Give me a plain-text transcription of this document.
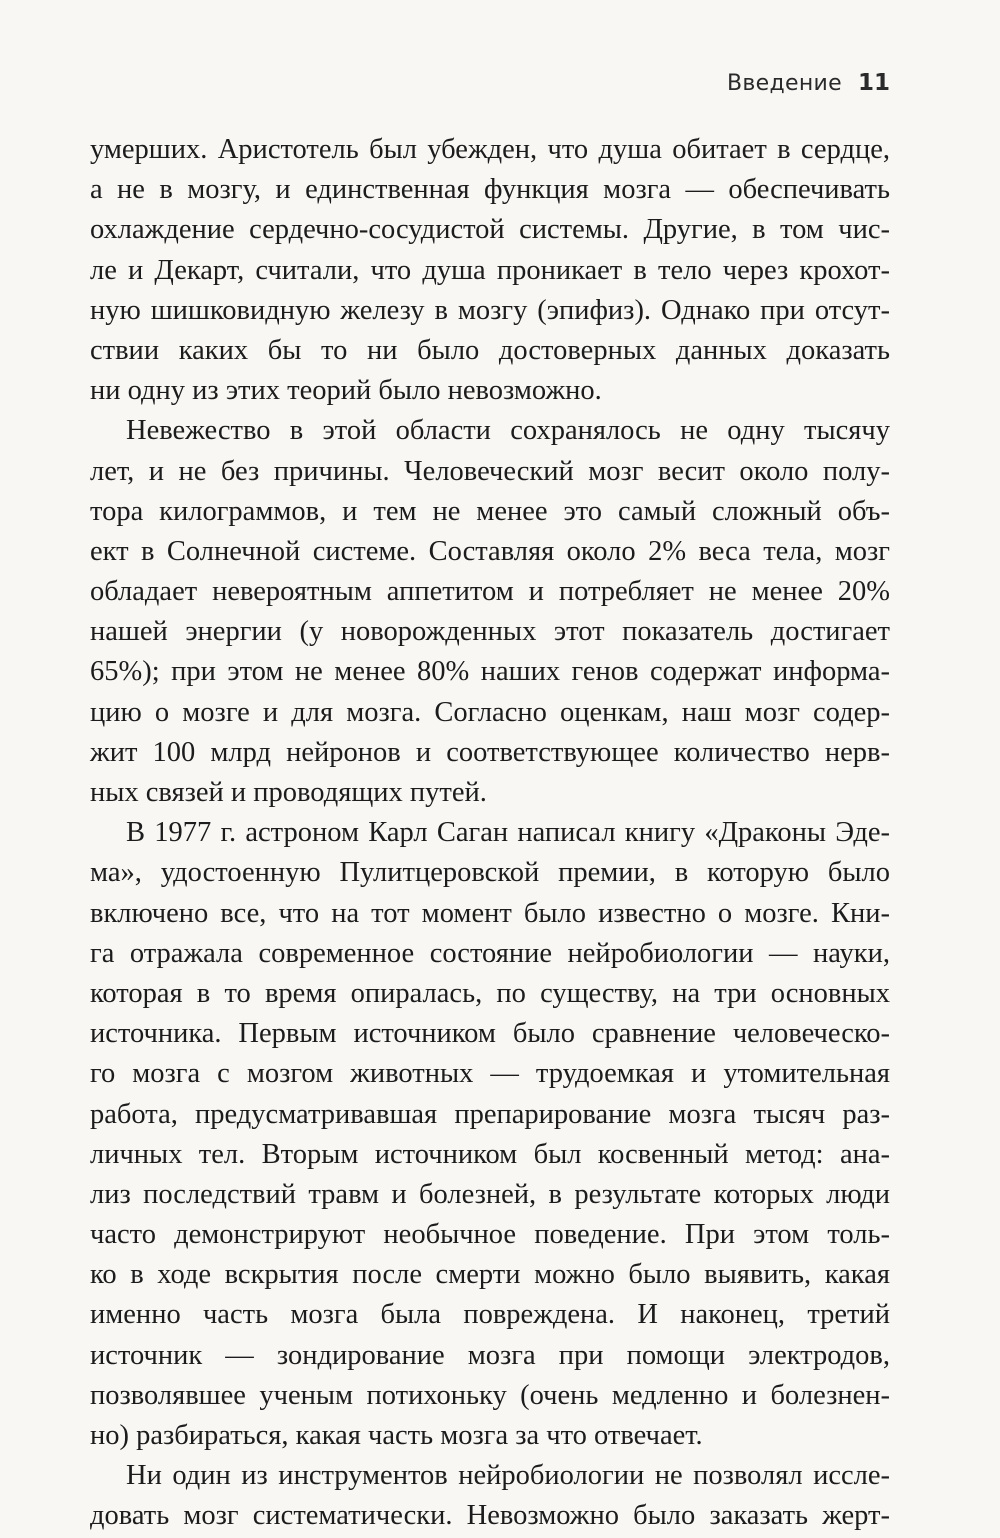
Введение 11
умерших. Аристотель был убежден, что душа обитает в сердце,
а не в мозгу, и единственная функция мозга — обеспечивать
охлаждение сердечно-сосудистой системы. Другие, в том чис-
ле и Декарт, считали, что душа проникает в тело через крохот-
ную шишковидную железу в мозгу (эпифиз). Однако при отсут-
ствии каких бы то ни было достоверных данных доказать
ни одну из этих теорий было невозможно.
Невежество в этой области сохранялось не одну тысячу
лет, и не без причины. Человеческий мозг весит около полу-
тора килограммов, и тем не менее это самый сложный объ-
ект в Солнечной системе. Составляя около 2% веса тела, мозг
обладает невероятным аппетитом и потребляет не менее 20%
нашей энергии (у новорожденных этот показатель достигает
65%); при этом не менее 80% наших генов содержат информа-
цию о мозге и для мозга. Согласно оценкам, наш мозг содер-
жит 100 млрд нейронов и соответствующее количество нерв-
ных связей и проводящих путей.
В 1977 г. астроном Карл Саган написал книгу «Драконы Эде-
ма», удостоенную Пулитцеровской премии, в которую было
включено все, что на тот момент было известно о мозге. Кни-
га отражала современное состояние нейробиологии — науки,
которая в то время опиралась, по существу, на три основных
источника. Первым источником было сравнение человеческо-
го мозга с мозгом животных — трудоемкая и утомительная
работа, предусматривавшая препарирование мозга тысяч раз-
личных тел. Вторым источником был косвенный метод: ана-
лиз последствий травм и болезней, в результате которых люди
часто демонстрируют необычное поведение. При этом толь-
ко в ходе вскрытия после смерти можно было выявить, какая
именно часть мозга была повреждена. И наконец, третий
источник — зондирование мозга при помощи электродов,
позволявшее ученым потихоньку (очень медленно и болезнен-
но) разбираться, какая часть мозга за что отвечает.
Ни один из инструментов нейробиологии не позволял иссле-
довать мозг систематически. Невозможно было заказать жерт-
